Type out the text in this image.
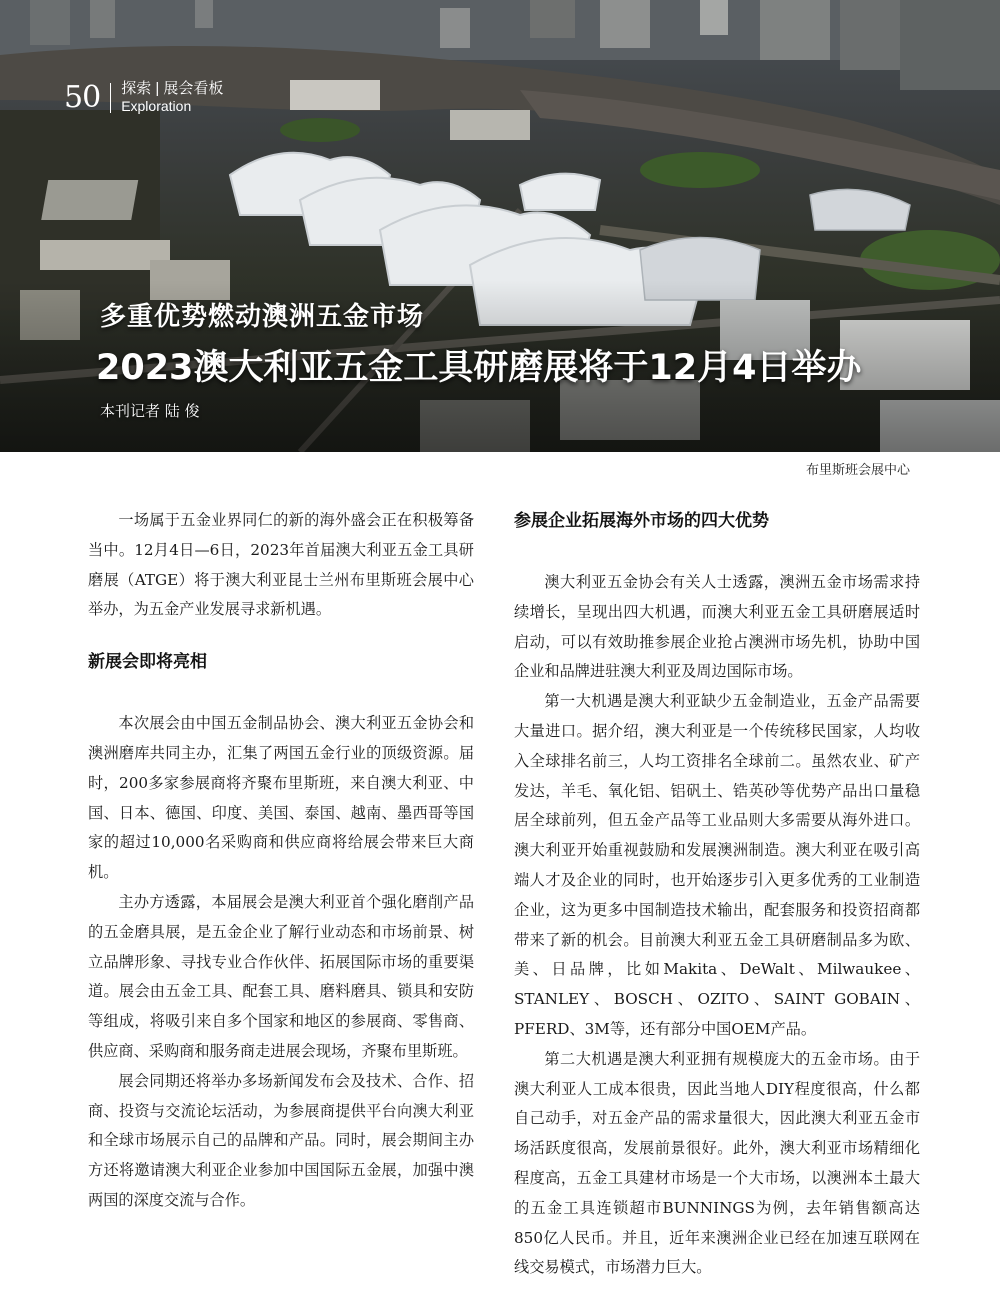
50 探索 | 展会看板
Exploration
多重优势燃动澳洲五金市场
2023澳大利亚五金工具研磨展将于12月4日举办
本刊记者 陆 俊
布里斯班会展中心

一场属于五金业界同仁的新的海外盛会正在积极筹备当中。12月4日—6日，2023年首届澳大利亚五金工具研磨展（ATGE）将于澳大利亚昆士兰州布里斯班会展中心举办，为五金产业发展寻求新机遇。

新展会即将亮相

本次展会由中国五金制品协会、澳大利亚五金协会和澳洲磨库共同主办，汇集了两国五金行业的顶级资源。届时，200多家参展商将齐聚布里斯班，来自澳大利亚、中国、日本、德国、印度、美国、泰国、越南、墨西哥等国家的超过10,000名采购商和供应商将给展会带来巨大商机。

主办方透露，本届展会是澳大利亚首个强化磨削产品的五金磨具展，是五金企业了解行业动态和市场前景、树立品牌形象、寻找专业合作伙伴、拓展国际市场的重要渠道。展会由五金工具、配套工具、磨料磨具、锁具和安防等组成，将吸引来自多个国家和地区的参展商、零售商、供应商、采购商和服务商走进展会现场，齐聚布里斯班。

展会同期还将举办多场新闻发布会及技术、合作、招商、投资与交流论坛活动，为参展商提供平台向澳大利亚和全球市场展示自己的品牌和产品。同时，展会期间主办方还将邀请澳大利亚企业参加中国国际五金展，加强中澳两国的深度交流与合作。

参展企业拓展海外市场的四大优势

澳大利亚五金协会有关人士透露，澳洲五金市场需求持续增长，呈现出四大机遇，而澳大利亚五金工具研磨展适时启动，可以有效助推参展企业抢占澳洲市场先机，协助中国企业和品牌进驻澳大利亚及周边国际市场。

第一大机遇是澳大利亚缺少五金制造业，五金产品需要大量进口。据介绍，澳大利亚是一个传统移民国家，人均收入全球排名前三，人均工资排名全球前二。虽然农业、矿产发达，羊毛、氧化铝、铝矾土、锆英砂等优势产品出口量稳居全球前列，但五金产品等工业品则大多需要从海外进口。澳大利亚开始重视鼓励和发展澳洲制造。澳大利亚在吸引高端人才及企业的同时，也开始逐步引入更多优秀的工业制造企业，这为更多中国制造技术输出，配套服务和投资招商都带来了新的机会。目前澳大利亚五金工具研磨制品多为欧、美、日品牌，比如Makita、DeWalt、Milwaukee、STANLEY、BOSCH、OZITO、SAINT GOBAIN、PFERD、3M等，还有部分中国OEM产品。

第二大机遇是澳大利亚拥有规模庞大的五金市场。由于澳大利亚人工成本很贵，因此当地人DIY程度很高，什么都自己动手，对五金产品的需求量很大，因此澳大利亚五金市场活跃度很高，发展前景很好。此外，澳大利亚市场精细化程度高，五金工具建材市场是一个大市场，以澳洲本土最大的五金工具连锁超市BUNNINGS为例，去年销售额高达850亿人民币。并且，近年来澳洲企业已经在加速互联网在线交易模式，市场潜力巨大。
